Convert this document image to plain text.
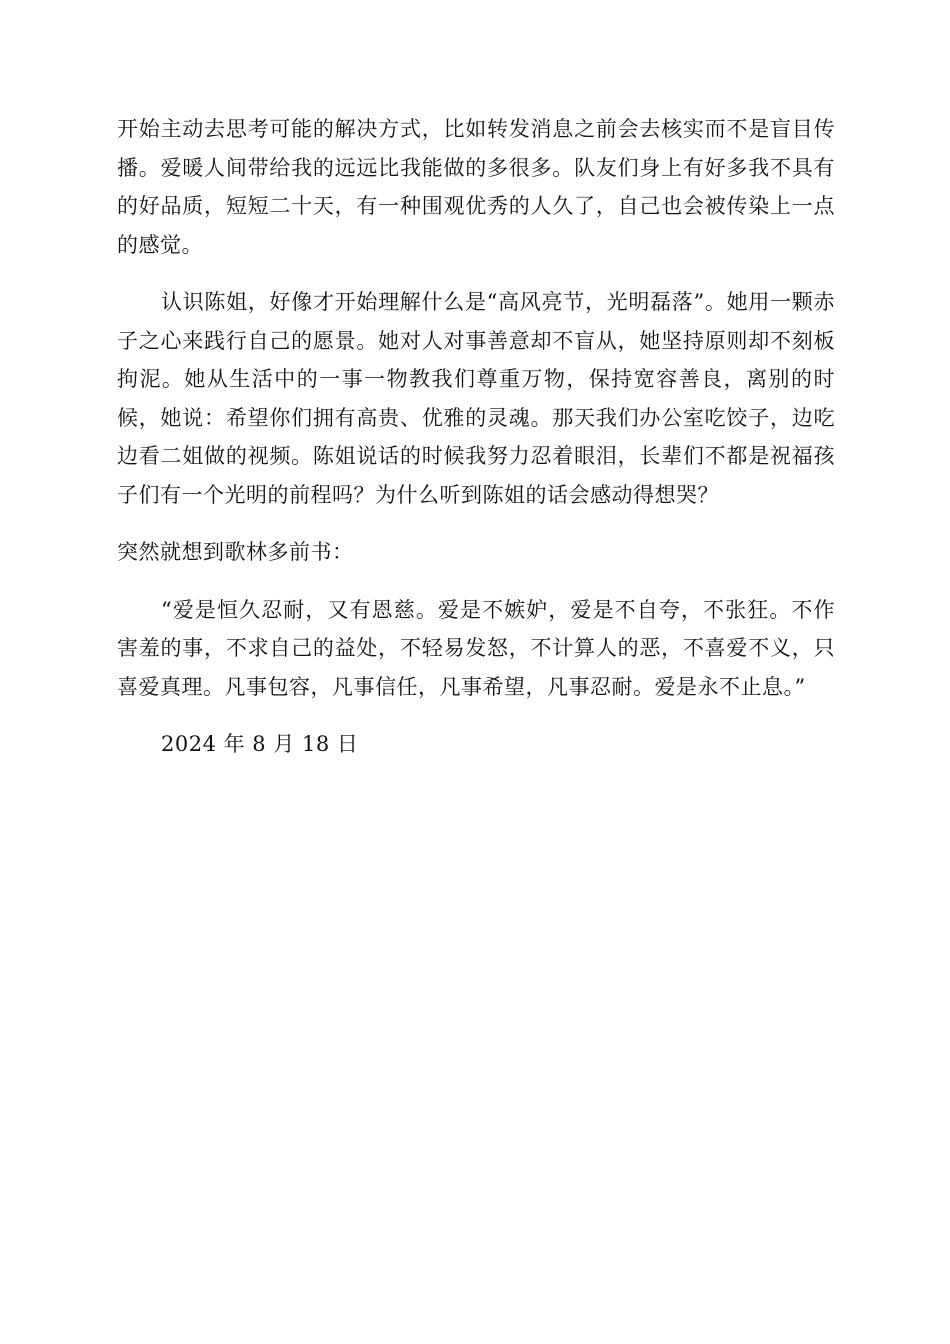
开始主动去思考可能的解决方式，比如转发消息之前会去核实而不是盲目传播。爱暖人间带给我的远远比我能做的多很多。队友们身上有好多我不具有的好品质，短短二十天，有一种围观优秀的人久了，自己也会被传染上一点的感觉。

认识陈姐，好像才开始理解什么是“高风亮节，光明磊落”。她用一颗赤子之心来践行自己的愿景。她对人对事善意却不盲从，她坚持原则却不刻板拘泥。她从生活中的一事一物教我们尊重万物，保持宽容善良，离别的时候，她说：希望你们拥有高贵、优雅的灵魂。那天我们办公室吃饺子，边吃边看二姐做的视频。陈姐说话的时候我努力忍着眼泪，长辈们不都是祝福孩子们有一个光明的前程吗？为什么听到陈姐的话会感动得想哭？

突然就想到歌林多前书：

“爱是恒久忍耐，又有恩慈。爱是不嫉妒，爱是不自夸，不张狂。不作害羞的事，不求自己的益处，不轻易发怒，不计算人的恶，不喜爱不义，只喜爱真理。凡事包容，凡事信任，凡事希望，凡事忍耐。爱是永不止息。”

2024 年 8 月 18 日
